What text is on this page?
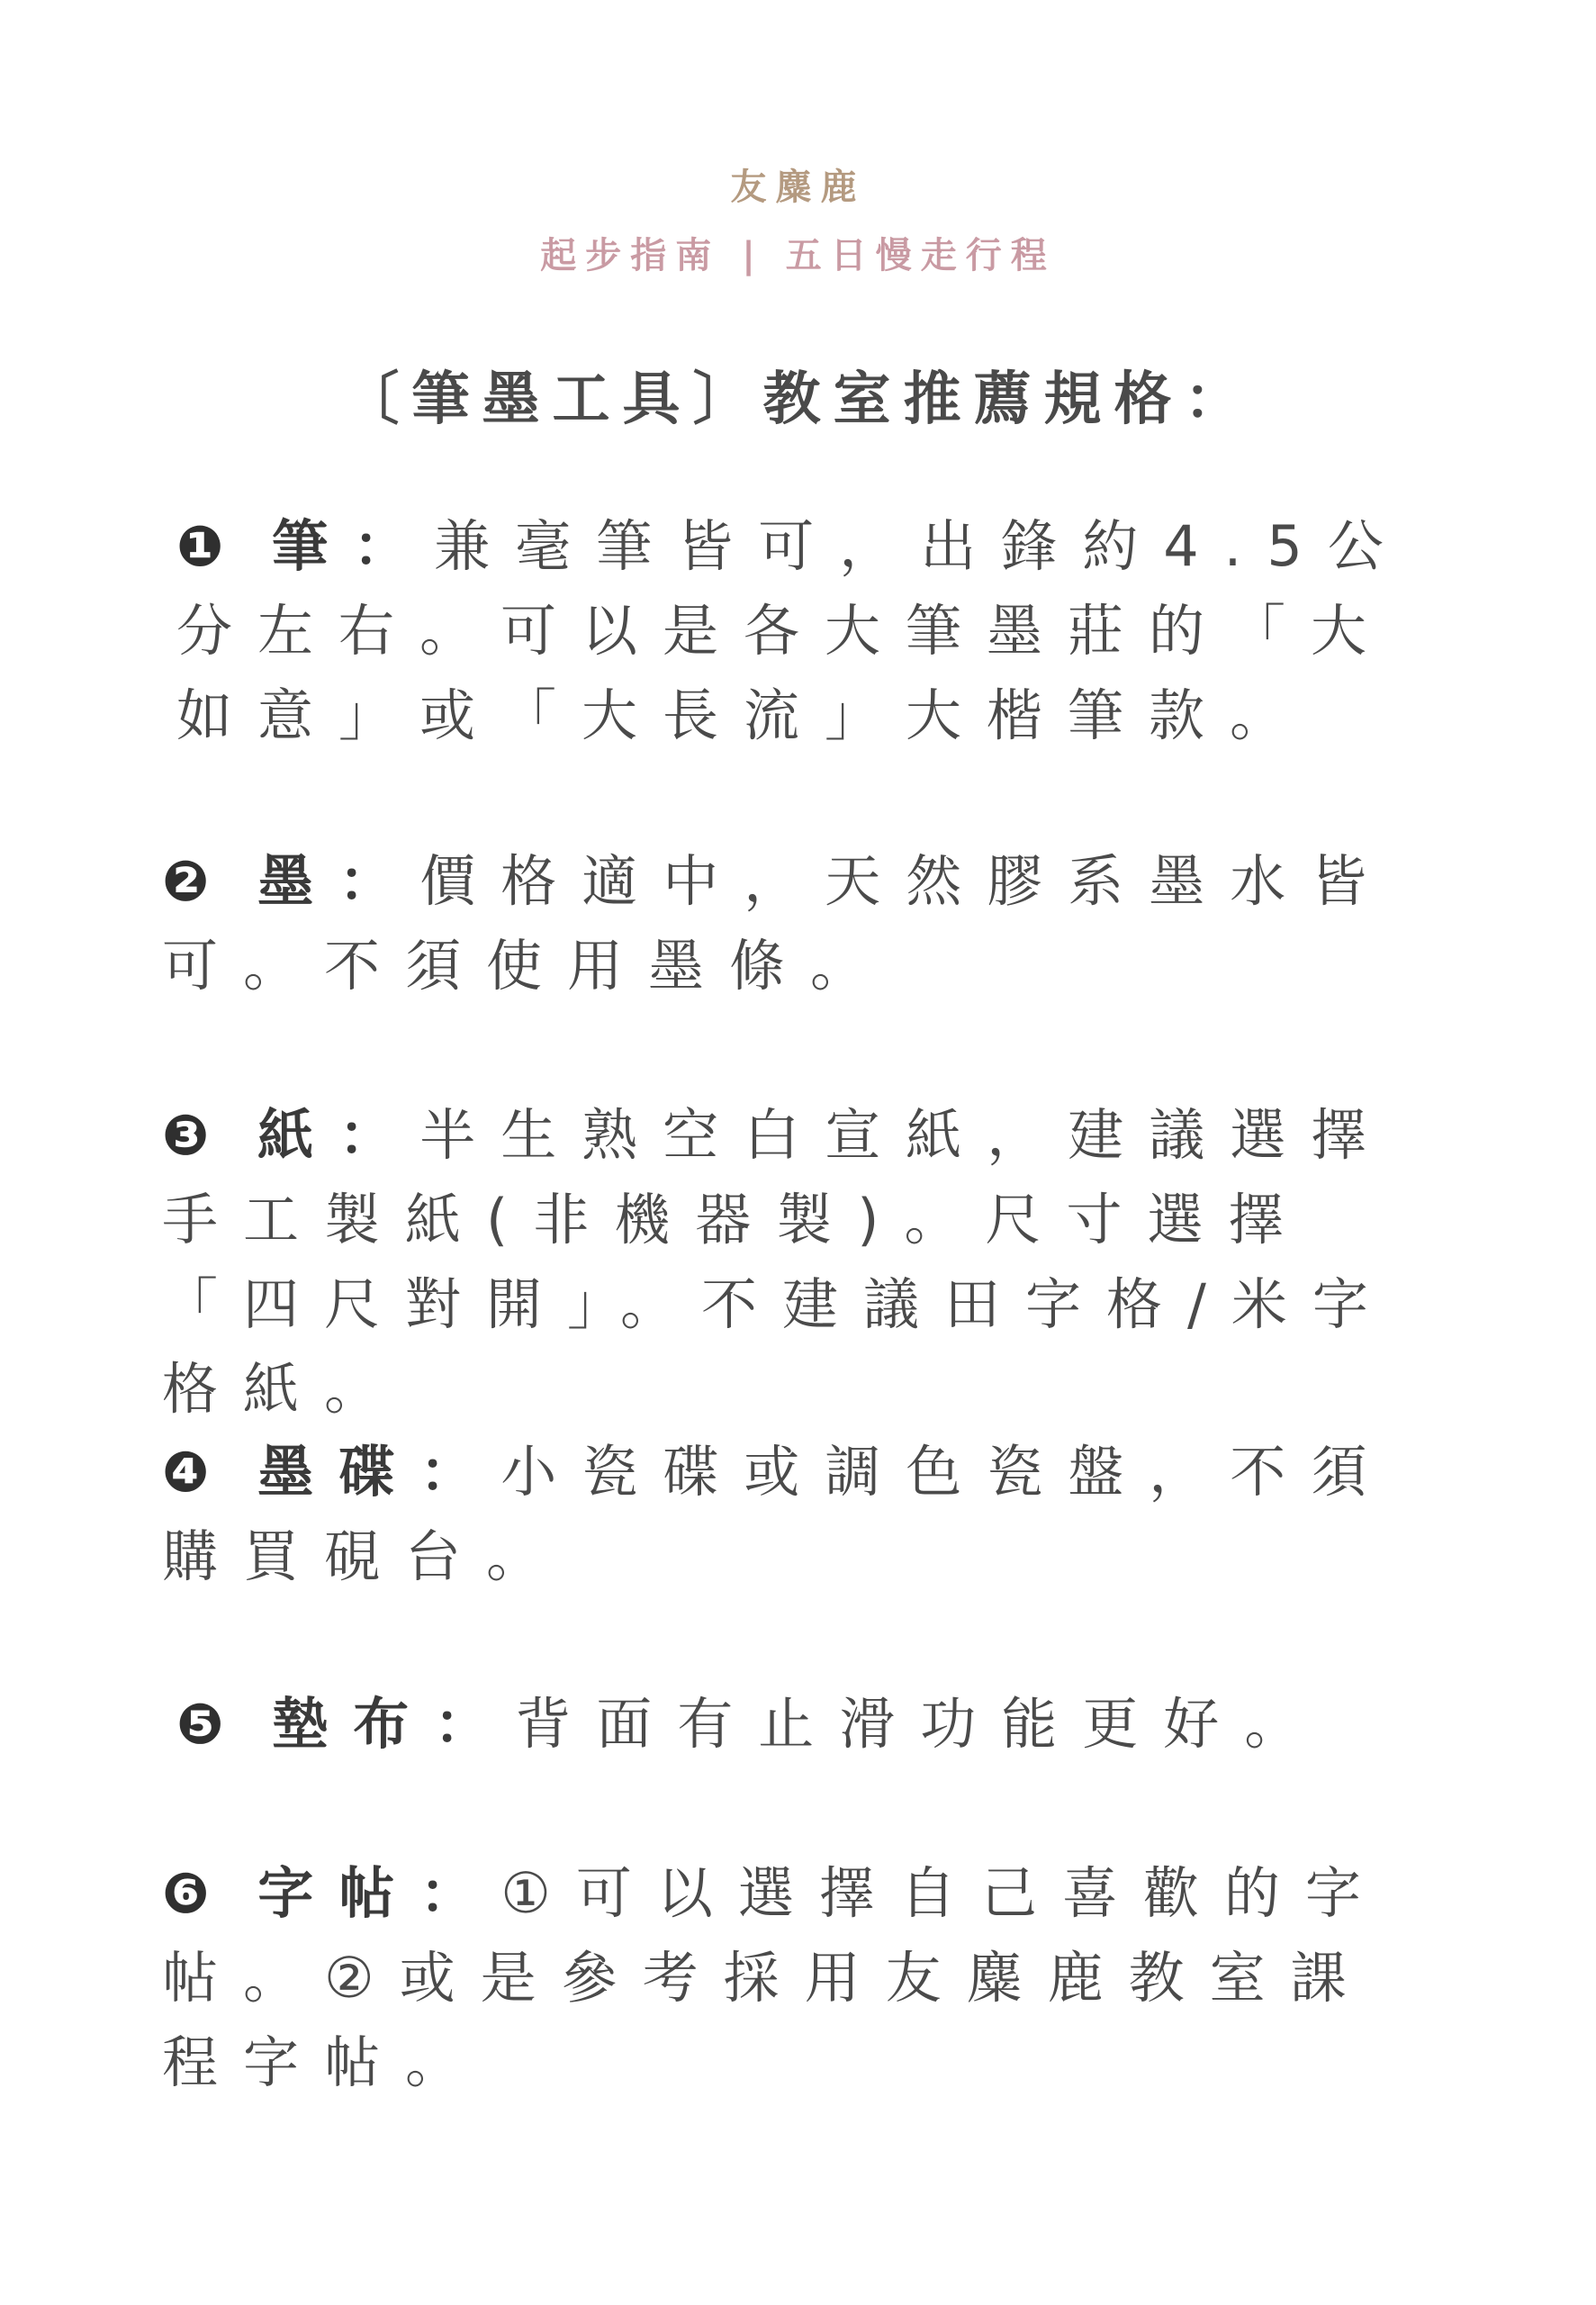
友麋鹿
起步指南 | 五日慢走行程
〔筆墨工具〕教室推薦規格：
❶ 筆：兼毫筆皆可，出鋒約4.5公分左右。可以是各大筆墨莊的「大如意」或「大長流」大楷筆款。
❷ 墨：價格適中，天然膠系墨水皆可。不須使用墨條。
❸ 紙：半生熟空白宣紙，建議選擇手工製紙(非機器製)。尺寸選擇「四尺對開」。不建議田字格/米字格紙。
❹ 墨碟：小瓷碟或調色瓷盤，不須購買硯台。
❺ 墊布：背面有止滑功能更好。
❻ 字帖：①可以選擇自己喜歡的字帖。②或是參考採用友麋鹿教室課程字帖。
